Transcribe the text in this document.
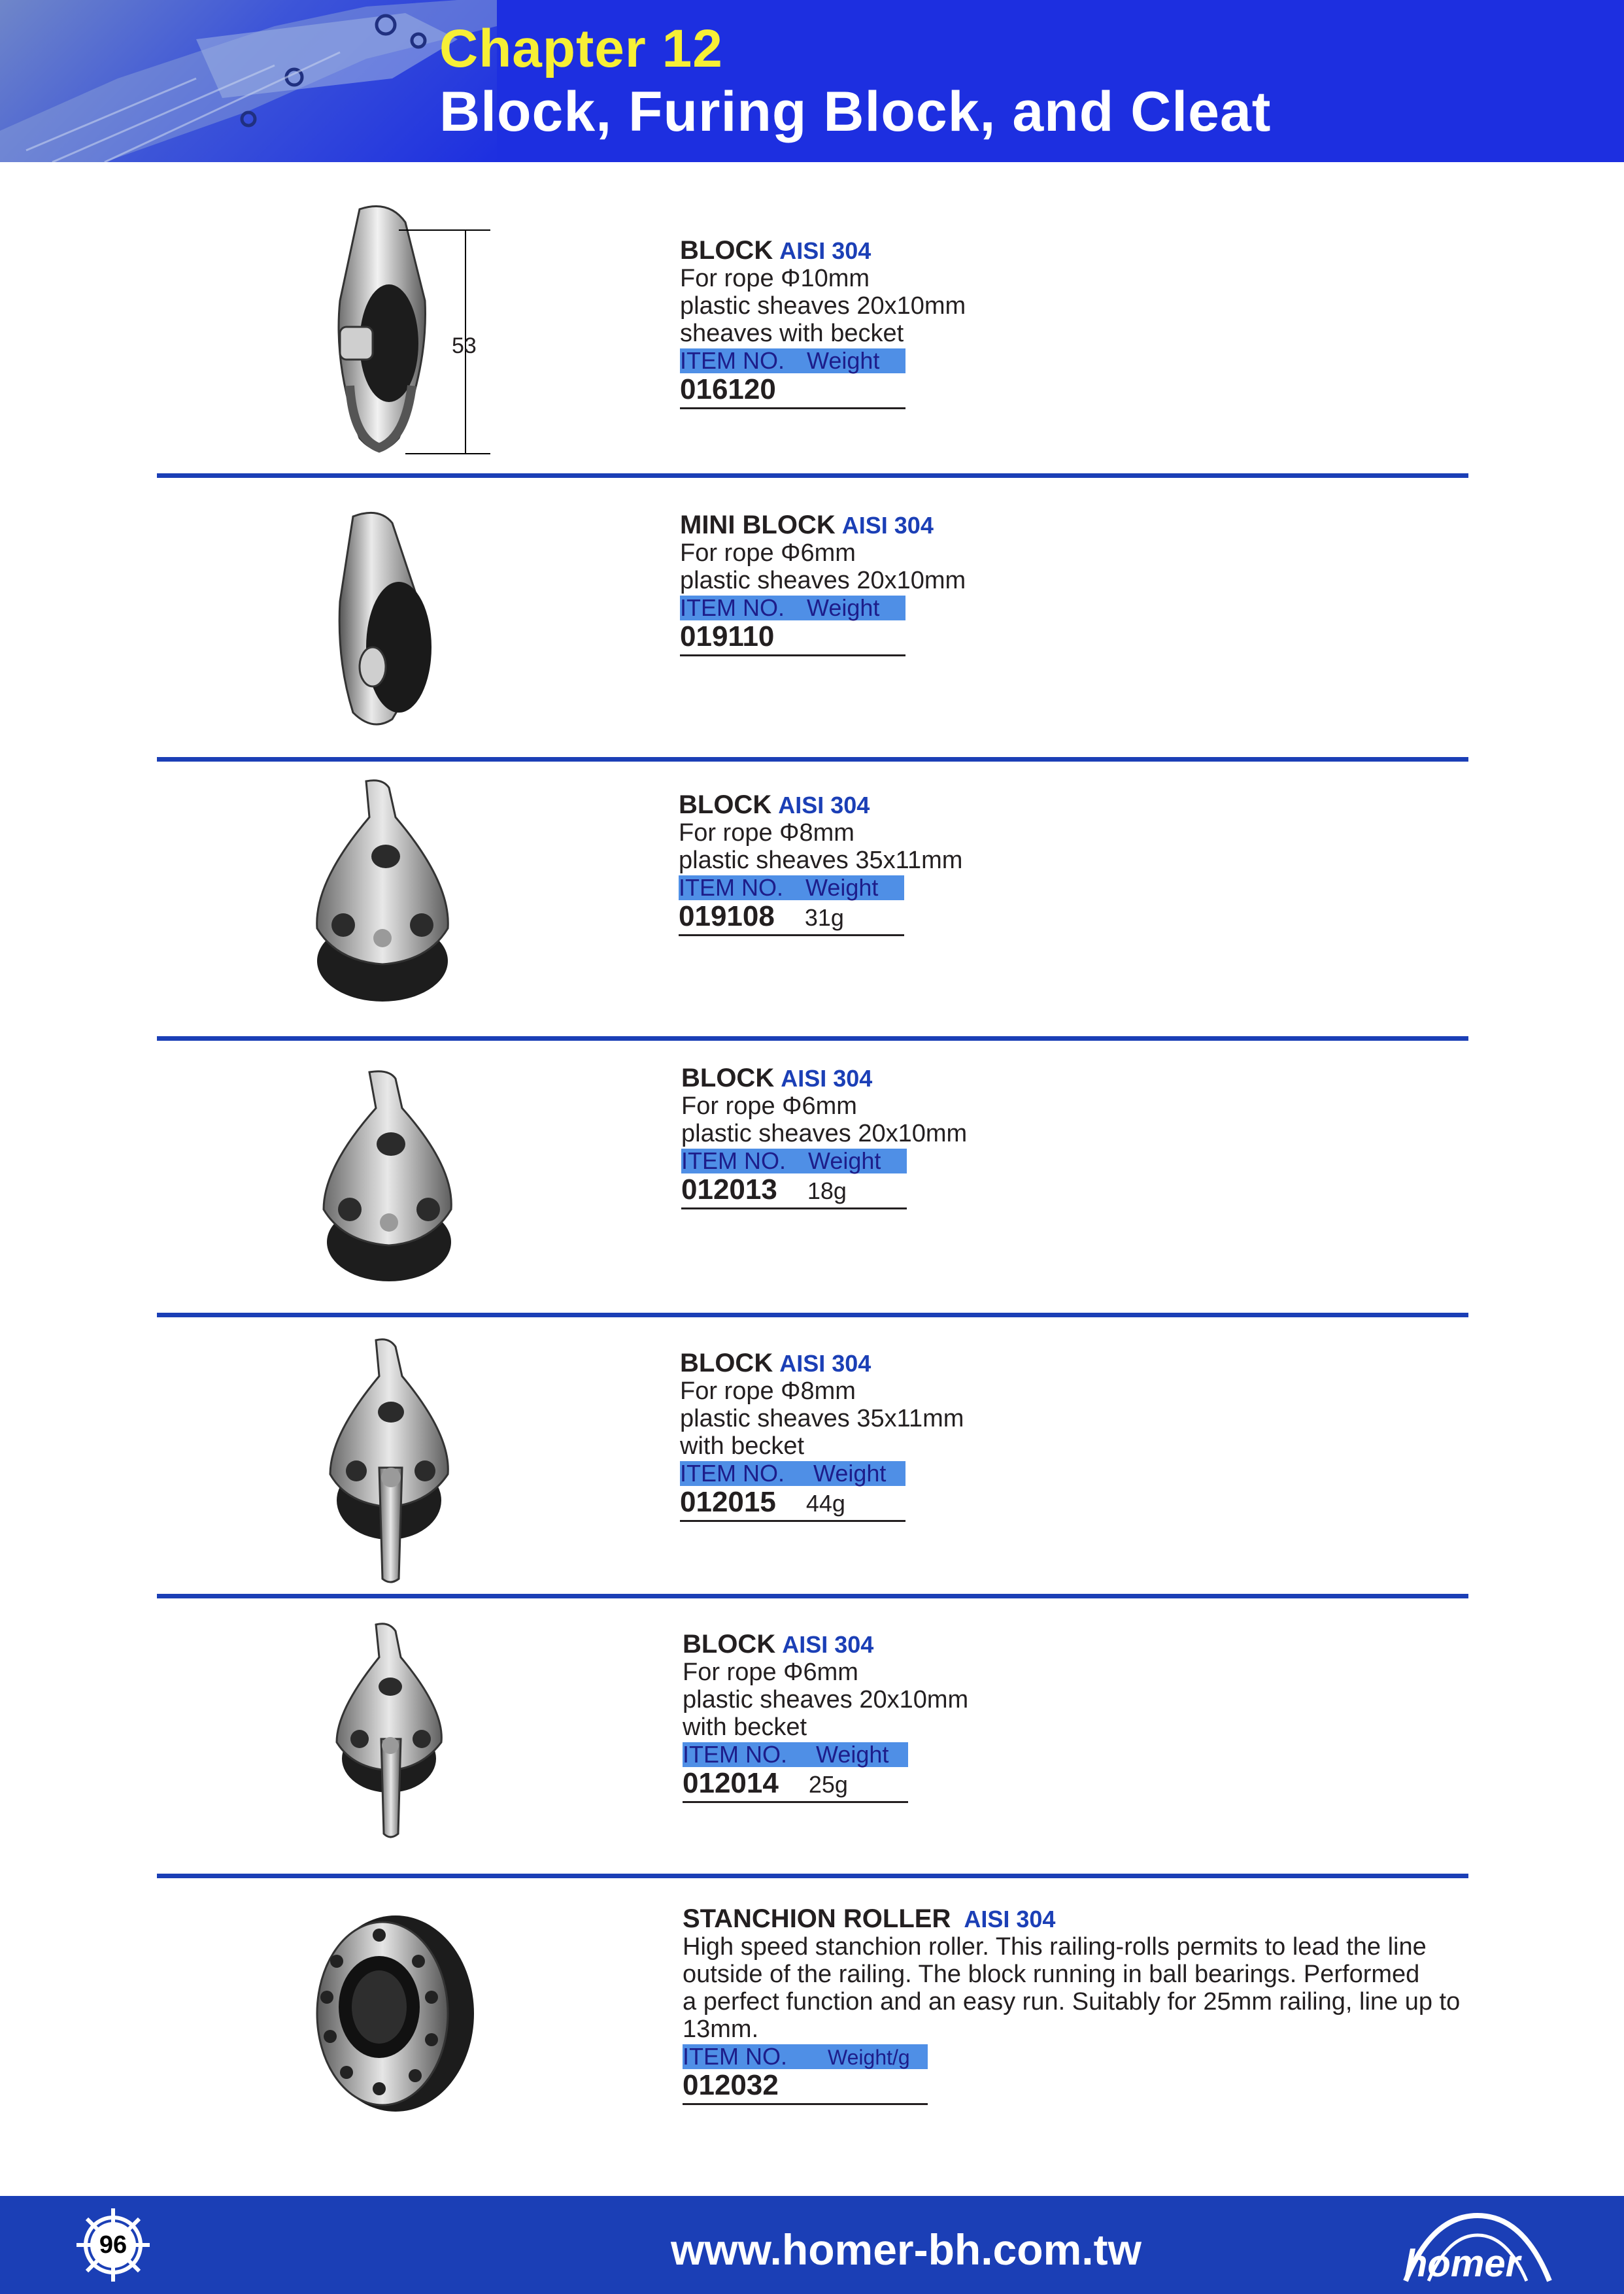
Chapter 12
Block, Furing Block, and Cleat
53
BLOCK AISI 304
For rope Φ10mm
plastic sheaves 20x10mm
sheaves with becket
ITEM NO. Weight
016120
MINI BLOCK AISI 304
For rope Φ6mm
plastic sheaves 20x10mm
ITEM NO. Weight
019110
BLOCK AISI 304
For rope Φ8mm
plastic sheaves 35x11mm
ITEM NO. Weight
019108 31g
BLOCK AISI 304
For rope Φ6mm
plastic sheaves 20x10mm
ITEM NO. Weight
012013 18g
BLOCK AISI 304
For rope Φ8mm
plastic sheaves 35x11mm
with becket
ITEM NO. Weight
012015 44g
BLOCK AISI 304
For rope Φ6mm
plastic sheaves 20x10mm
with becket
ITEM NO. Weight
012014 25g
STANCHION ROLLER AISI 304
High speed stanchion roller. This railing-rolls permits to lead the line
outside of the railing. The block running in ball bearings. Performed
a perfect function and an easy run. Suitably for 25mm railing, line up to
13mm.
ITEM NO. Weight/g
012032
96	www.homer-bh.com.tw	homer
